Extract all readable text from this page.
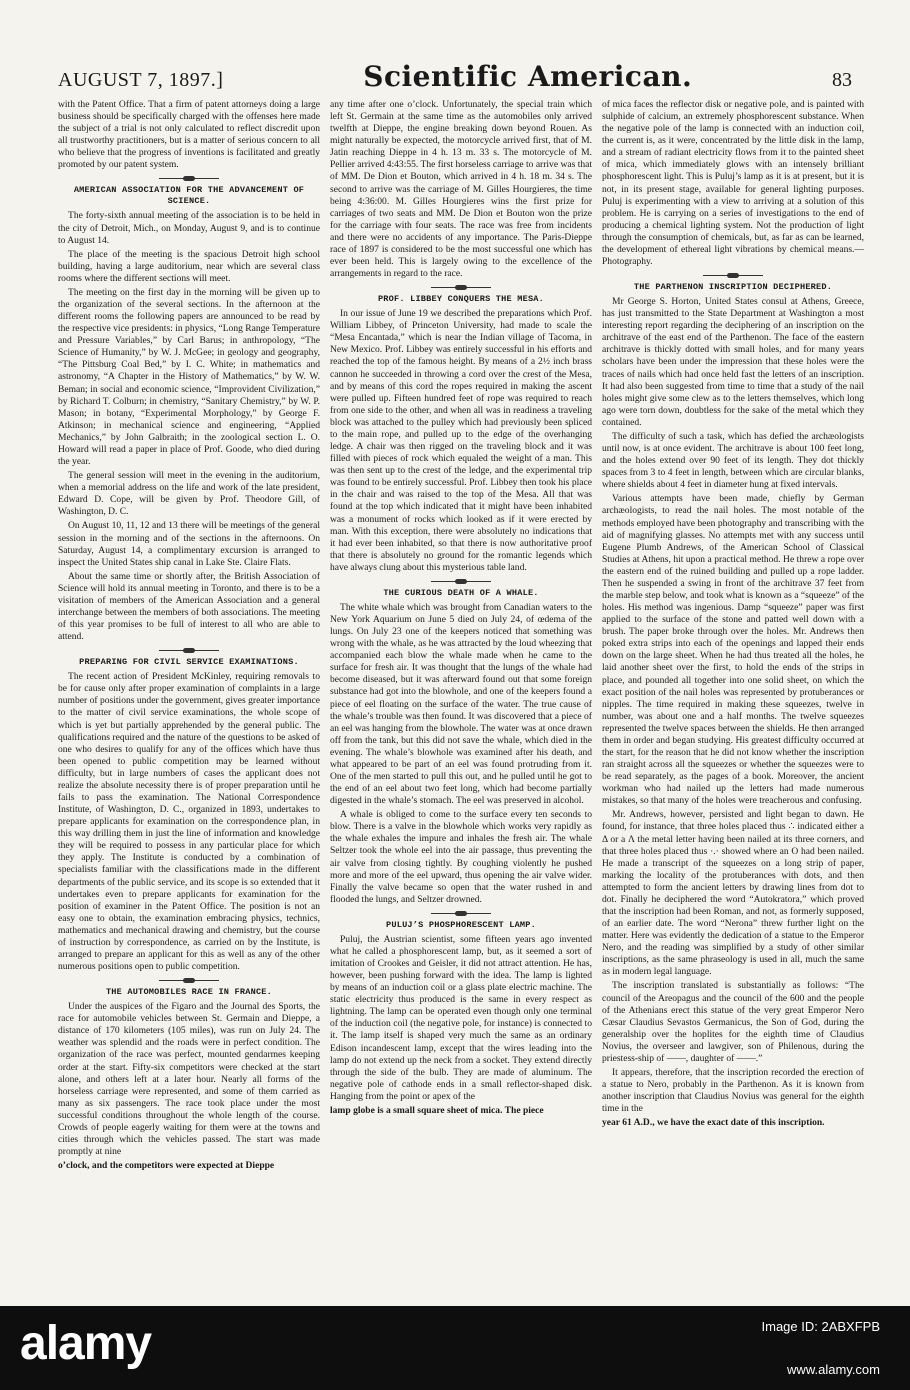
AUGUST 7, 1897.]	Scientific American.	83

with the Patent Office. That a firm of patent attorneys doing a large business should be specifically charged with the offenses here made the subject of a trial is not only calculated to reflect discredit upon all trustworthy practitioners, but is a matter of serious concern to all who believe that the progress of inventions is facilitated and greatly promoted by our patent system.

AMERICAN ASSOCIATION FOR THE ADVANCEMENT OF SCIENCE.

The forty-sixth annual meeting of the association is to be held in the city of Detroit, Mich., on Monday, August 9, and is to continue to August 14.

The place of the meeting is the spacious Detroit high school building, having a large auditorium, near which are several class rooms where the different sections will meet.

The meeting on the first day in the morning will be given up to the organization of the several sections. In the afternoon at the different rooms the following papers are announced to be read by the respective vice presidents: in physics, “Long Range Temperature and Pressure Variables,” by Carl Barus; in anthropology, “The Science of Humanity,” by W. J. McGee; in geology and geography, “The Pittsburg Coal Bed,” by I. C. White; in mathematics and astronomy, “A Chapter in the History of Mathematics,” by W. W. Beman; in social and economic science, “Improvident Civilization,” by Richard T. Colburn; in chemistry, “Sanitary Chemistry,” by W. P. Mason; in botany, “Experimental Morphology,” by George F. Atkinson; in mechanical science and engineering, “Applied Mechanics,” by John Galbraith; in the zoological section L. O. Howard will read a paper in place of Prof. Goode, who died during the year.

The general session will meet in the evening in the auditorium, when a memorial address on the life and work of the late president, Edward D. Cope, will be given by Prof. Theodore Gill, of Washington, D. C.

On August 10, 11, 12 and 13 there will be meetings of the general session in the morning and of the sections in the afternoons. On Saturday, August 14, a complimentary excursion is arranged to inspect the United States ship canal in Lake Ste. Claire Flats.

About the same time or shortly after, the British Association of Science will hold its annual meeting in Toronto, and there is to be a visitation of members of the American Association and a general interchange between the members of both associations. The meeting of this year promises to be full of interest to all who are able to attend.

PREPARING FOR CIVIL SERVICE EXAMINATIONS.

The recent action of President McKinley, requiring removals to be for cause only after proper examination of complaints in a large number of positions under the government, gives greater importance to the matter of civil service examinations, the whole scope of which is yet but partially apprehended by the general public. The qualifications required and the nature of the questions to be asked of one who desires to qualify for any of the offices which have thus been opened to public competition may be learned without difficulty, but in large numbers of cases the applicant does not realize the absolute necessity there is of proper preparation until he fails to pass the examination. The National Correspondence Institute, of Washington, D. C., organized in 1893, undertakes to prepare applicants for examination on the correspondence plan, in this way drilling them in just the line of information and knowledge they will be required to possess in any particular place for which they apply. The Institute is conducted by a combination of specialists familiar with the classifications made in the different departments of the public service, and its scope is so extended that it undertakes even to prepare applicants for examination for the position of examiner in the Patent Office. The position is not an easy one to obtain, the examination embracing physics, technics, mathematics and mechanical drawing and chemistry, but the course of instruction by correspondence, as carried on by the Institute, is arranged to prepare an applicant for this as well as any of the other numerous positions open to public competition.

THE AUTOMOBILES RACE IN FRANCE.

Under the auspices of the Figaro and the Journal des Sports, the race for automobile vehicles between St. Germain and Dieppe, a distance of 170 kilometers (105 miles), was run on July 24. The weather was splendid and the roads were in perfect condition. The organization of the race was perfect, mounted gendarmes keeping order at the start. Fifty-six competitors were checked at the start alone, and others left at a later hour. Nearly all forms of the horseless carriage were represented, and some of them carried as many as six passengers. The race took place under the most successful conditions throughout the whole length of the course. Crowds of people eagerly waiting for them were at the towns and cities through which the vehicles passed. The start was made promptly at nine

o’clock, and the competitors were expected at Dieppe

any time after one o’clock. Unfortunately, the special train which left St. Germain at the same time as the automobiles only arrived twelfth at Dieppe, the engine breaking down beyond Rouen. As might naturally be expected, the motorcycle arrived first, that of M. Jatin reaching Dieppe in 4 h. 13 m. 33 s. The motorcycle of M. Pellier arrived 4:43:55. The first horseless carriage to arrive was that of MM. De Dion et Bouton, which arrived in 4 h. 18 m. 34 s. The second to arrive was the carriage of M. Gilles Hourgieres, the time being 4:36:00. M. Gilles Hourgieres wins the first prize for carriages of two seats and MM. De Dion et Bouton won the prize for the carriage with four seats. The race was free from incidents and there were no accidents of any importance. The Paris-Dieppe race of 1897 is considered to be the most successful one which has ever been held. This is largely owing to the excellence of the arrangements in regard to the race.

PROF. LIBBEY CONQUERS THE MESA.

In our issue of June 19 we described the preparations which Prof. William Libbey, of Princeton University, had made to scale the “Mesa Encantada,” which is near the Indian village of Tacoma, in New Mexico. Prof. Libbey was entirely successful in his efforts and reached the top of the famous height. By means of a 2½ inch brass cannon he succeeded in throwing a cord over the crest of the Mesa, and by means of this cord the ropes required in making the ascent were pulled up. Fifteen hundred feet of rope was required to reach from one side to the other, and when all was in readiness a traveling block was attached to the pulley which had previously been spliced to the main rope, and pulled up to the edge of the overhanging ledge. A chair was then rigged on the traveling block and it was filled with pieces of rock which equaled the weight of a man. This was then sent up to the crest of the ledge, and the experimental trip was found to be entirely successful. Prof. Libbey then took his place in the chair and was raised to the top of the Mesa. All that was found at the top which indicated that it might have been inhabited was a monument of rocks which looked as if it were erected by man. With this exception, there were absolutely no indications that it had ever been inhabited, so that there is now authoritative proof that there is absolutely no ground for the romantic legends which have always clung about this mysterious table land.

THE CURIOUS DEATH OF A WHALE.

The white whale which was brought from Canadian waters to the New York Aquarium on June 5 died on July 24, of œdema of the lungs. On July 23 one of the keepers noticed that something was wrong with the whale, as he was attracted by the loud wheezing that accompanied each blow the whale made when he came to the surface for fresh air. It was thought that the lungs of the whale had become diseased, but it was afterward found out that some foreign substance had got into the blowhole, and one of the keepers found a piece of eel floating on the surface of the water. The true cause of the whale’s trouble was then found. It was discovered that a piece of an eel was hanging from the blowhole. The water was at once drawn off from the tank, but this did not save the whale, which died in the evening. The whale’s blowhole was examined after his death, and what appeared to be part of an eel was found protruding from it. One of the men started to pull this out, and he pulled until he got to the end of an eel about two feet long, which had become partially digested in the whale’s stomach. The eel was preserved in alcohol.

A whale is obliged to come to the surface every ten seconds to blow. There is a valve in the blowhole which works very rapidly as the whale exhales the impure and inhales the fresh air. The whale Seltzer took the whole eel into the air passage, thus preventing the air valve from closing tightly. By coughing violently he pushed more and more of the eel upward, thus opening the air valve wider. Finally the valve became so open that the water rushed in and flooded the lungs, and Seltzer drowned.

PULUJ’S PHOSPHORESCENT LAMP.

Puluj, the Austrian scientist, some fifteen years ago invented what he called a phosphorescent lamp, but, as it seemed a sort of imitation of Crookes and Geisler, it did not attract attention. He has, however, been pushing forward with the idea. The lamp is lighted by means of an induction coil or a glass plate electric machine. The static electricity thus produced is the same in every respect as lightning. The lamp can be operated even though only one terminal of the induction coil (the negative pole, for instance) is connected to it. The lamp itself is shaped very much the same as an ordinary Edison incandescent lamp, except that the wires leading into the lamp do not extend up the neck from a socket. They extend directly through the side of the bulb. They are made of aluminum. The negative pole of cathode ends in a small reflector-shaped disk. Hanging from the point or apex of the

lamp globe is a small square sheet of mica. The piece

of mica faces the reflector disk or negative pole, and is painted with sulphide of calcium, an extremely phosphorescent substance. When the negative pole of the lamp is connected with an induction coil, the current is, as it were, concentrated by the little disk in the lamp, and a stream of radiant electricity flows from it to the painted sheet of mica, which immediately glows with an intensely brilliant phosphorescent light. This is Puluj’s lamp as it is at present, but it is not, in its present stage, available for general lighting purposes. Puluj is experimenting with a view to arriving at a solution of this problem. He is carrying on a series of investigations to the end of producing a chemical lighting system. Not the production of light through the consumption of chemicals, but, as far as can be learned, the development of ethereal light vibrations by chemical means.—Photography.

THE PARTHENON INSCRIPTION DECIPHERED.

Mr George S. Horton, United States consul at Athens, Greece, has just transmitted to the State Department at Washington a most interesting report regarding the deciphering of an inscription on the architrave of the east end of the Parthenon. The face of the eastern architrave is thickly dotted with small holes, and for many years scholars have been under the impression that these holes were the traces of nails which had once held fast the letters of an inscription. It had also been suggested from time to time that a study of the nail holes might give some clew as to the letters themselves, which long ago were torn down, doubtless for the sake of the metal which they contained.

The difficulty of such a task, which has defied the archæologists until now, is at once evident. The architrave is about 100 feet long, and the holes extend over 90 feet of its length. They dot thickly spaces from 3 to 4 feet in length, between which are circular blanks, where shields about 4 feet in diameter hung at fixed intervals.

Various attempts have been made, chiefly by German archæologists, to read the nail holes. The most notable of the methods employed have been photography and transcribing with the aid of magnifying glasses. No attempts met with any success until Eugene Plumb Andrews, of the American School of Classical Studies at Athens, hit upon a practical method. He threw a rope over the eastern end of the ruined building and pulled up a rope ladder. Then he suspended a swing in front of the architrave 37 feet from the marble step below, and took what is known as a “squeeze” of the holes. His method was ingenious. Damp “squeeze” paper was first applied to the surface of the stone and patted well down with a brush. The paper broke through over the holes. Mr. Andrews then poked extra strips into each of the openings and lapped their ends down on the large sheet. When he had thus treated all the holes, he laid another sheet over the first, to hold the ends of the strips in place, and pounded all together into one solid sheet, on which the exact position of the nail holes was represented by protuberances or nipples. The time required in making these squeezes, twelve in number, was about one and a half months. The twelve squeezes represented the twelve spaces between the shields. He then arranged them in order and began studying. His greatest difficulty occurred at the start, for the reason that he did not know whether the inscription ran straight across all the squeezes or whether the squeezes were to be read separately, as the pages of a book. Moreover, the ancient workman who had nailed up the letters had made numerous mistakes, so that many of the holes were treacherous and confusing.

Mr. Andrews, however, persisted and light began to dawn. He found, for instance, that three holes placed thus ∴ indicated either a Δ or a Λ the metal letter having been nailed at its three corners, and that three holes placed thus ·.· showed where an O had been nailed. He made a transcript of the squeezes on a long strip of paper, marking the locality of the protuberances with dots, and then attempted to form the ancient letters by drawing lines from dot to dot. Finally he deciphered the word “Autokratora,” which proved that the inscription had been Roman, and not, as formerly supposed, of an earlier date. The word “Nerona” threw further light on the matter. Here was evidently the dedication of a statue to the Emperor Nero, and the reading was simplified by a study of other similar inscriptions, as the same phraseology is used in all, much the same as in modern legal language.

The inscription translated is substantially as follows: “The council of the Areopagus and the council of the 600 and the people of the Athenians erect this statue of the very great Emperor Nero Cæsar Claudius Sevastos Germanicus, the Son of God, during the generalship over the hoplites for the eighth time of Claudius Novius, the overseer and lawgiver, son of Philenous, during the priestess-ship of ——, daughter of ——.”

It appears, therefore, that the inscription recorded the erection of a statue to Nero, probably in the Parthenon. As it is known from another inscription that Claudius Novius was general for the eighth time in the

year 61 A.D., we have the exact date of this inscription.

alamy	Image ID: 2ABXFPB
www.alamy.com
